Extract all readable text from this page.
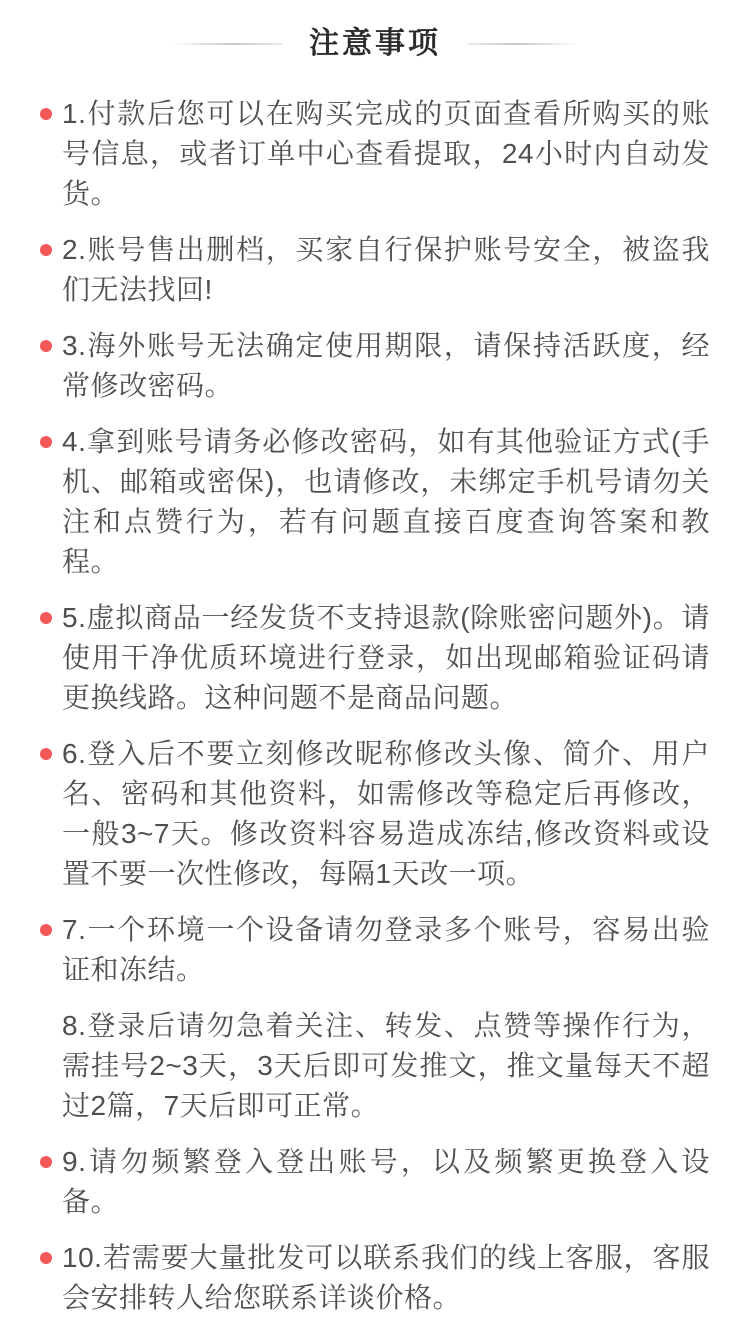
注意事项
1.付款后您可以在购买完成的页面查看所购买的账号信息，或者订单中心查看提取，24小时内自动发货。
2.账号售出删档，买家自行保护账号安全，被盗我们无法找回!
3.海外账号无法确定使用期限，请保持活跃度，经常修改密码。
4.拿到账号请务必修改密码，如有其他验证方式(手机、邮箱或密保)，也请修改，未绑定手机号请勿关注和点赞行为，若有问题直接百度查询答案和教程。
5.虚拟商品一经发货不支持退款(除账密问题外)。请使用干净优质环境进行登录，如出现邮箱验证码请更换线路。这种问题不是商品问题。
6.登入后不要立刻修改昵称修改头像、简介、用户名、密码和其他资料，如需修改等稳定后再修改，一般3~7天。修改资料容易造成冻结,修改资料或设置不要一次性修改，每隔1天改一项。
7.一个环境一个设备请勿登录多个账号，容易出验证和冻结。
8.登录后请勿急着关注、转发、点赞等操作行为，需挂号2~3天，3天后即可发推文，推文量每天不超过2篇，7天后即可正常。
9.请勿频繁登入登出账号，以及频繁更换登入设备。
10.若需要大量批发可以联系我们的线上客服，客服会安排转人给您联系详谈价格。
